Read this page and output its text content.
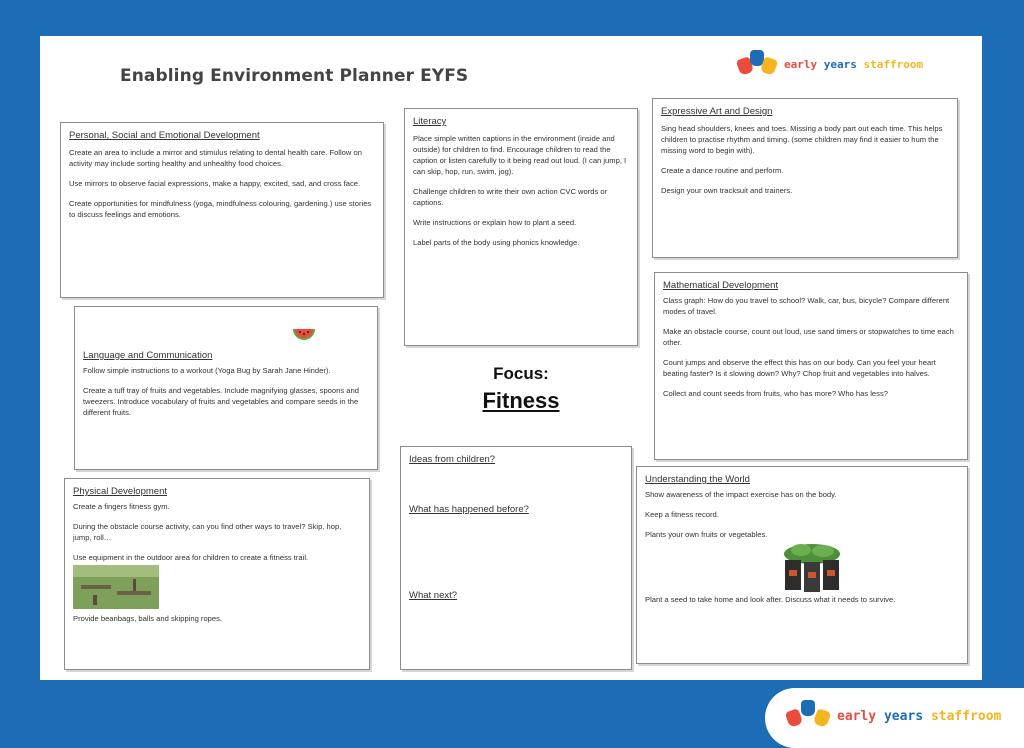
Enabling Environment Planner EYFS
early years staffroom
Personal, Social and Emotional Development

Create an area to include a mirror and stimulus relating to dental health care. Follow on activity may include sorting healthy and unhealthy food choices.

Use mirrors to observe facial expressions, make a happy, excited, sad, and cross face.

Create opportunities for mindfulness (yoga, mindfulness colouring, gardening.) use stories to discuss feelings and emotions.

Literacy

Place simple written captions in the environment (inside and outside) for children to find. Encourage children to read the caption or listen carefully to it being read out loud. (I can jump, I can skip, hop, run, swim, jog).

Challenge children to write their own action CVC words or captions.

Write instructions or explain how to plant a seed.

Label parts of the body using phonics knowledge.

Expressive Art and Design

Sing head shoulders, knees and toes. Missing a body part out each time. This helps children to practise rhythm and timing. (some children may find it easier to hum the missing word to begin with).

Create a dance routine and perform.

Design your own tracksuit and trainers.

Language and Communication

Follow simple instructions to a workout (Yoga Bug by Sarah Jane Hinder).

Create a tuff tray of fruits and vegetables. Include magnifying glasses, spoons and tweezers. Introduce vocabulary of fruits and vegetables and compare seeds in the different fruits.

Mathematical Development

Class graph: How do you travel to school? Walk, car, bus, bicycle? Compare different modes of travel.

Make an obstacle course, count out loud, use sand timers or stopwatches to time each other.

Count jumps and observe the effect this has on our body. Can you feel your heart beating faster? Is it slowing down? Why? Chop fruit and vegetables into halves.

Collect and count seeds from fruits, who has more? Who has less?

Focus:
Fitness
Physical Development

Create a fingers fitness gym.

During the obstacle course activity, can you find other ways to travel? Skip, hop, jump, roll…

Use equipment in the outdoor area for children to create a fitness trail.

Provide beanbags, balls and skipping ropes.

Ideas from children?
What has happened before?
What next?
Understanding the World

Show awareness of the impact exercise has on the body.

Keep a fitness record.

Plants your own fruits or vegetables.

Plant a seed to take home and look after. Discuss what it needs to survive.

early years staffroom
